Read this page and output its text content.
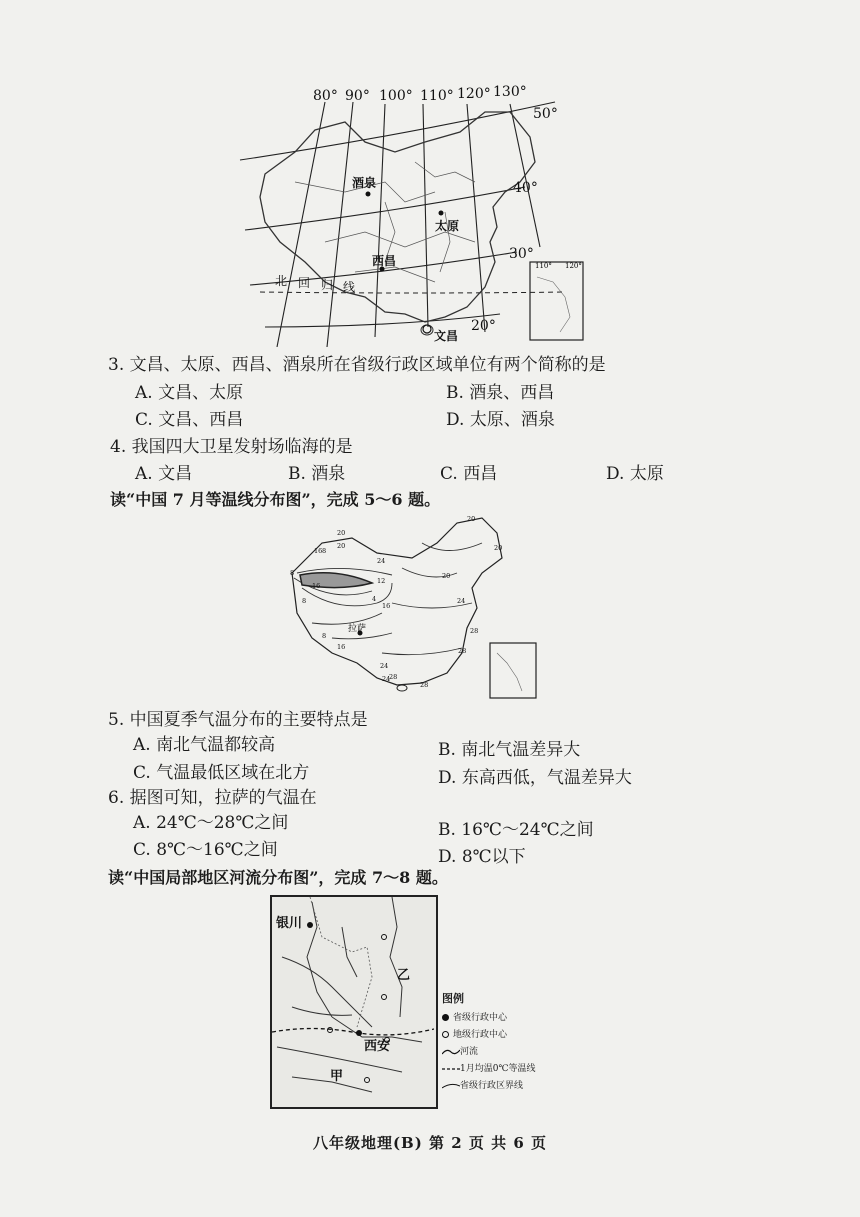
110° 120°
80° 90° 100° 110° 120° 130°
50°
40°
30°
20°
酒泉
太原
西昌
文昌
北 回 归 线
3. 文昌、太原、西昌、酒泉所在省级行政区域单位有两个简称的是
A. 文昌、太原	B. 酒泉、西昌
C. 文昌、西昌	D. 太原、酒泉
4. 我国四大卫星发射场临海的是
A. 文昌	B. 酒泉	C. 西昌	D. 太原
读“中国 7 月等温线分布图”，完成 5～6 题。
拉萨
20
20
20
16 8
20
24
16
12
8
8	4
16
8
16
20
24
28
28
24
28
28
24
5. 中国夏季气温分布的主要特点是
A. 南北气温都较高	B. 南北气温差异大
C. 气温最低区域在北方	D. 东高西低，气温差异大
6. 据图可知，拉萨的气温在
A. 24℃～28℃之间	B. 16℃～24℃之间
C. 8℃～16℃之间	D. 8℃以下
读“中国局部地区河流分布图”，完成 7～8 题。
银川
西安
乙
甲
图例
省级行政中心
地级行政中心
河流
1月均温0℃等温线
省级行政区界线
八年级地理(B) 第 2 页 共 6 页
